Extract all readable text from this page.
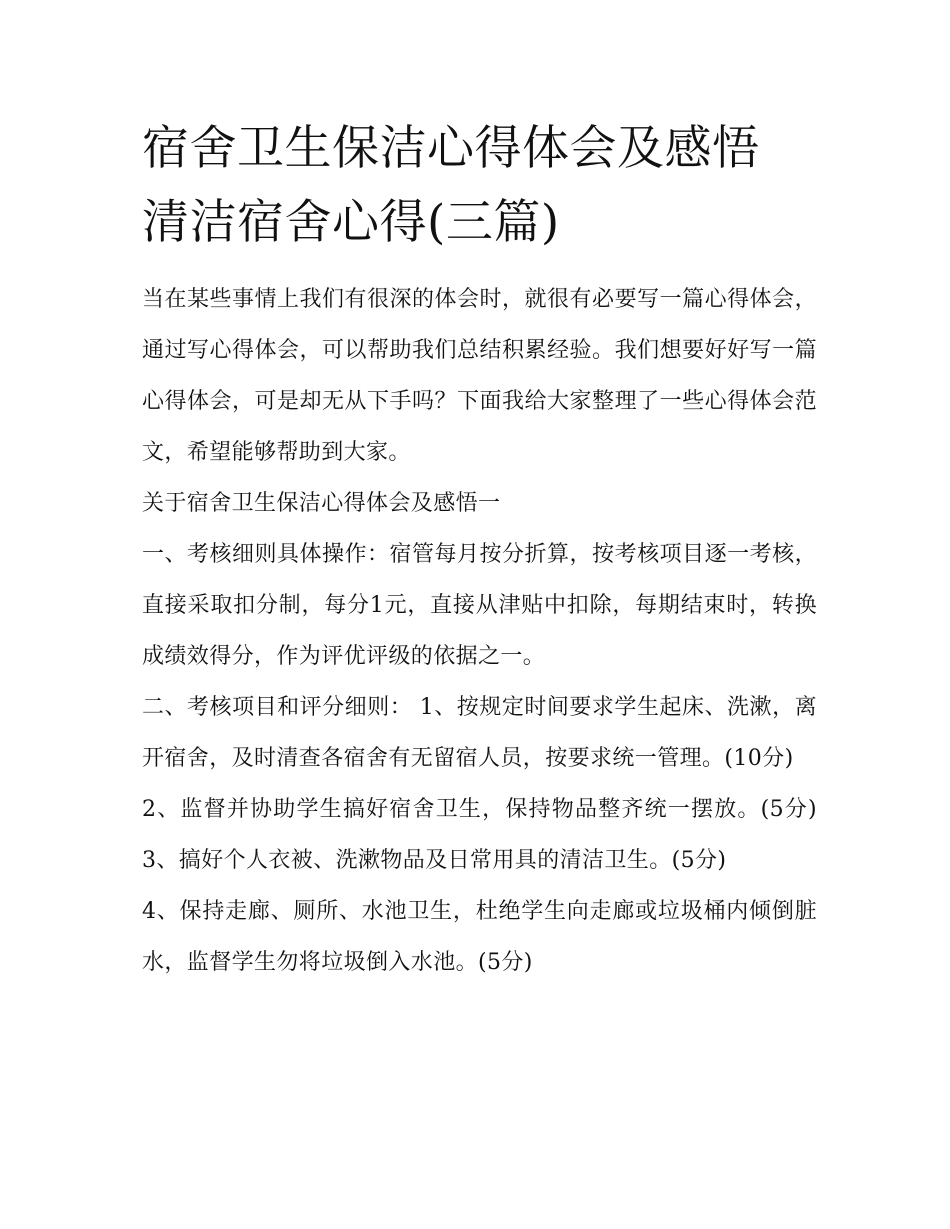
宿舍卫生保洁心得体会及感悟
清洁宿舍心得(三篇)

当在某些事情上我们有很深的体会时，就很有必要写一篇心得体会，通过写心得体会，可以帮助我们总结积累经验。我们想要好好写一篇心得体会，可是却无从下手吗？下面我给大家整理了一些心得体会范文，希望能够帮助到大家。

关于宿舍卫生保洁心得体会及感悟一

一、考核细则具体操作：宿管每月按分折算，按考核项目逐一考核，直接采取扣分制，每分1元，直接从津贴中扣除，每期结束时，转换成绩效得分，作为评优评级的依据之一。

二、考核项目和评分细则： 1、按规定时间要求学生起床、洗漱，离开宿舍，及时清查各宿舍有无留宿人员，按要求统一管理。(10分)

2、监督并协助学生搞好宿舍卫生，保持物品整齐统一摆放。(5分) 3、搞好个人衣被、洗漱物品及日常用具的清洁卫生。(5分)

4、保持走廊、厕所、水池卫生，杜绝学生向走廊或垃圾桶内倾倒脏水，监督学生勿将垃圾倒入水池。(5分)
